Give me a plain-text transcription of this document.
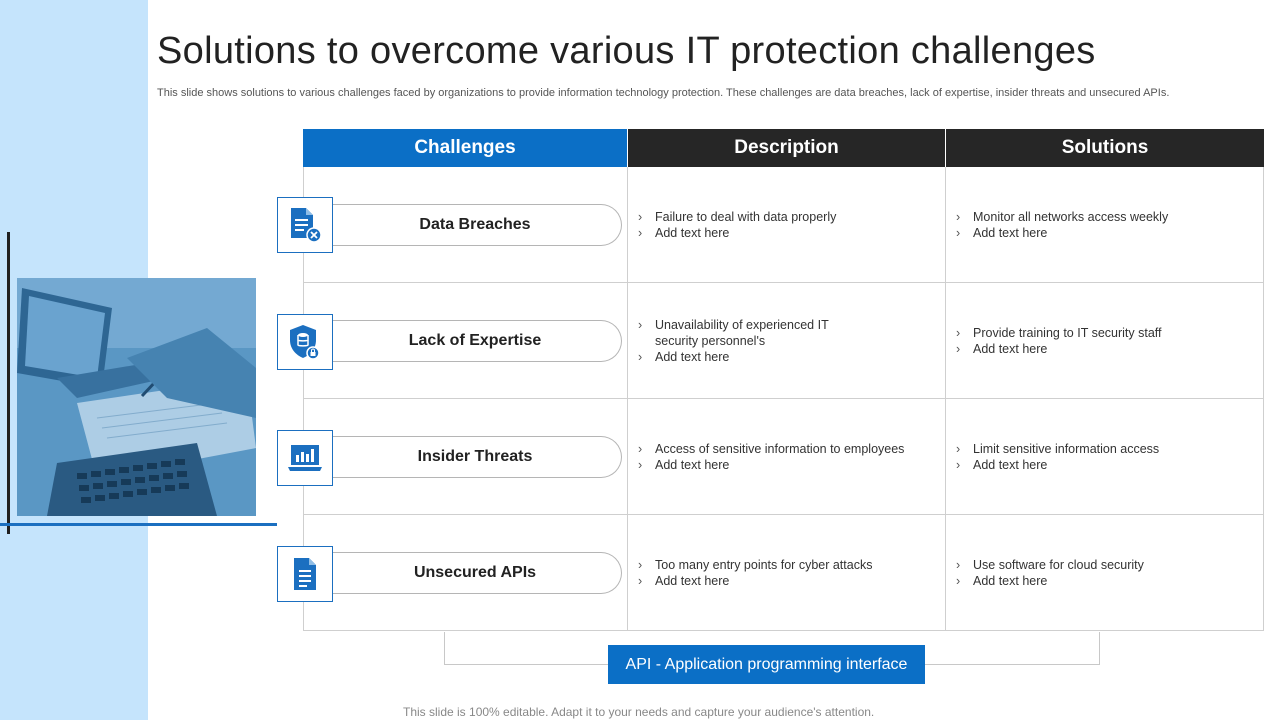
Solutions to overcome various IT protection challenges
This slide shows solutions to various challenges faced by organizations to provide information technology protection. These challenges are data breaches, lack of expertise, insider threats and unsecured APIs.
Challenges	Description	Solutions
› Failure to deal with data properly
› Add text here
› Monitor all networks access weekly
› Add text here
› Unavailability of experienced IT security personnel's
› Add text here
› Provide training to IT security staff
› Add text here
› Access of sensitive information to employees
› Add text here
› Limit sensitive information access
› Add text here
› Too many entry points for cyber attacks
› Add text here
› Use software for cloud security
› Add text here
Data Breaches
Lack of Expertise
Insider Threats
Unsecured APIs
API - Application programming interface
This slide is 100% editable. Adapt it to your needs and capture your audience's attention.
